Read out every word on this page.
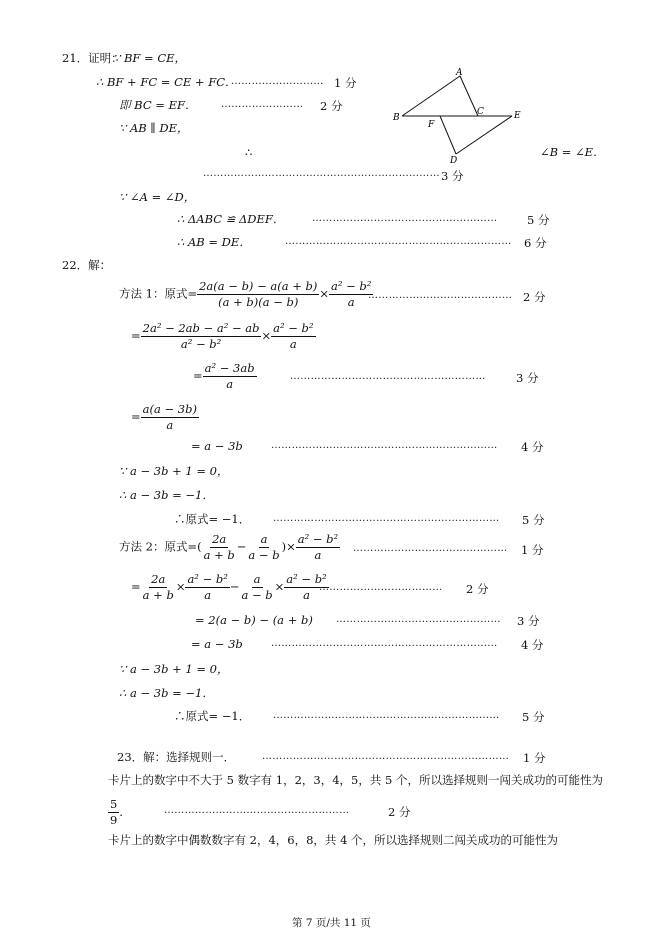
21．证明：
∵ BF = CE，
∴ BF + FC = CE + FC．
……………………… 1 分
即 BC = EF． …………………… 2 分
∵ AB ∥ DE，
∴	∠B = ∠E．
…………………………………………………………… 3 分
∵ ∠A = ∠D，
∴ ΔABC ≌ ΔDEF．	………………………………………………	5 分
∴ AB = DE．	………………………………………………………… 6 分
A
B
C
D
E
F
22．解：
方法 1：原式= $\frac{2a(a - b) - a(a + b)}{(a + b)(a - b)} \times \frac{\text{a² − b²}}{a}$
…………………………………… 2 分
= $\frac{\text{2a² − 2ab − a² − ab}}{\text{a² − b²}} \times \frac{\text{a² − b²}}{a}$
= $\frac{\text{a² − 3ab}}{a}$	…………………………………………………	3 分
= $\frac{a(a - 3b)}{a}$
= a − 3b	………………………………………………………… 4 分
∵ a − 3b + 1 = 0，
∴ a − 3b = −1．
∴原式= −1． ………………………………………………………… 5 分
方法 2：原式=( $\frac{2a}{a + b} - \frac{a}{a - b}$ )× $\frac{\text{a² − b²}}{a}$ ……………………………………… 1 分
= $\frac{2a}{a + b} \times \frac{\text{a² − b²}}{a} - \frac{a}{a - b} \times \frac{\text{a² − b²}}{a}$
……………………………… 2 分
= 2(a − b) − (a + b) ………………………………………… 3 分
= a − 3b	………………………………………………………… 4 分
∵ a − 3b + 1 = 0，
∴ a − 3b = −1．
∴原式= −1． ………………………………………………………… 5 分
23．解：选择规则一．	……………………………………………………………… 1 分
卡片上的数字中不大于 5 数字有 1，2，3，4，5，共 5 个，所以选择规则一闯关成功的可能性为
$\frac{5}{9}$ ．	………………………………………………	2 分
卡片上的数字中偶数数字有 2，4，6，8，共 4 个，所以选择规则二闯关成功的可能性为
第 7 页/共 11 页
